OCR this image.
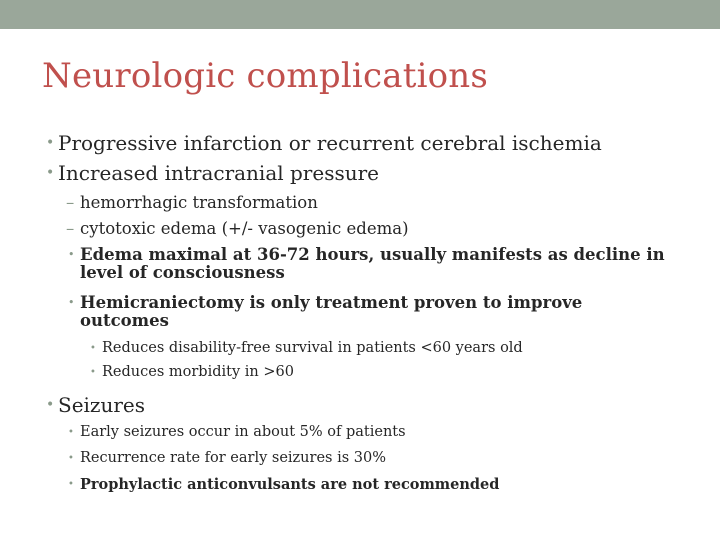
Neurologic complications
• Progressive infarction or recurrent cerebral ischemia
• Increased intracranial pressure
– hemorrhagic transformation
– cytotoxic edema (+/- vasogenic edema)
• Edema maximal at 36-72 hours, usually manifests as decline in
level of consciousness
• Hemicraniectomy is only treatment proven to improve
outcomes
• Reduces disability-free survival in patients <60 years old
• Reduces morbidity in >60
• Seizures
• Early seizures occur in about 5% of patients
• Recurrence rate for early seizures is 30%
• Prophylactic anticonvulsants are not recommended
